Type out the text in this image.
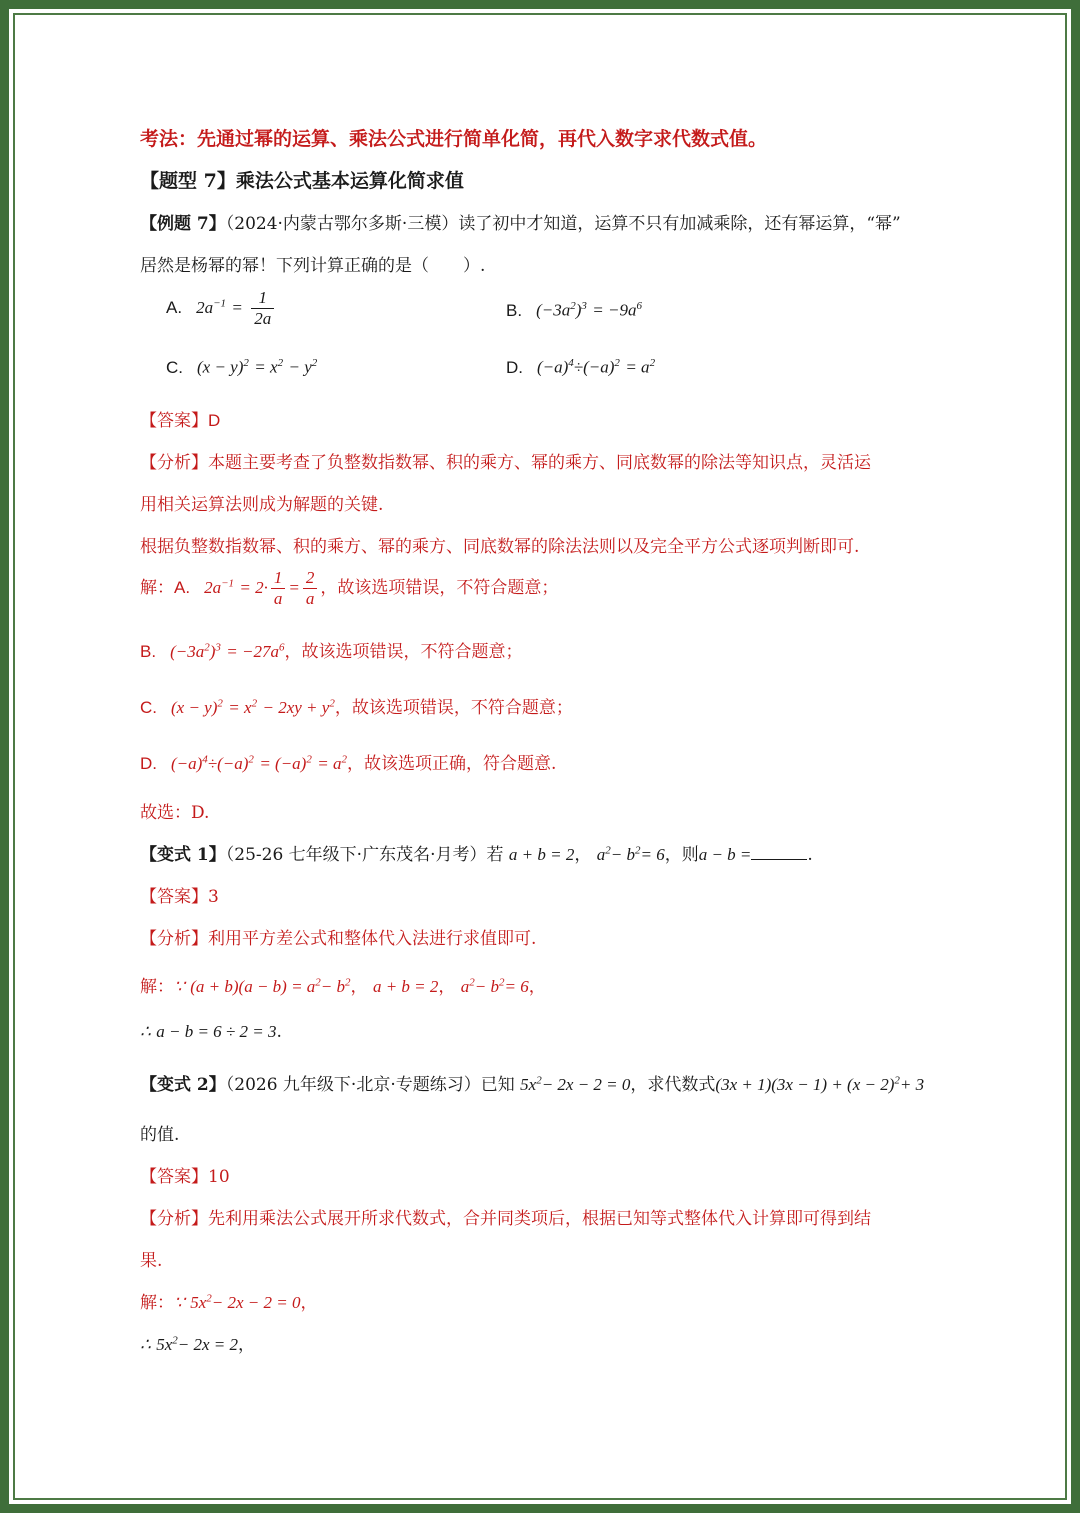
考法：先通过幂的运算、乘法公式进行简单化简，再代入数字求代数式值。
【题型 7】乘法公式基本运算化简求值
【例题 7】（2024·内蒙古鄂尔多斯·三模）读了初中才知道，运算不只有加减乘除，还有幂运算，“幂”
居然是杨幂的幂！下列计算正确的是（　　）.
A. $2a^{-1} = \frac{1}{2a}$	B. $(-3a^2)^3 = -9a^6$
C. $(x - y)^2 = x^2 - y^2$	D. $(-a)^4\div(-a)^2 = a^2$
【答案】D
【分析】本题主要考查了负整数指数幂、积的乘方、幂的乘方、同底数幂的除法等知识点，灵活运
用相关运算法则成为解题的关键.
根据负整数指数幂、积的乘方、幂的乘方、同底数幂的除法法则以及完全平方公式逐项判断即可.
解：A. $2a^{-1} = 2\cdot \frac{1}{a} = \frac{2}{a}$ ，故该选项错误，不符合题意；
B. $(-3a^2)^3 = -27a^6$，故该选项错误，不符合题意；
C. $(x - y)^2 = x^2 - 2xy + y^2$，故该选项错误，不符合题意；
D. $(-a)^4\div(-a)^2 = (-a)^2 = a^2$，故该选项正确，符合题意.
故选：D.
【变式 1】（25-26 七年级下·广东茂名·月考）若 a + b = 2， $a^2- b^2= 6$，则a − b =	.
【答案】3
【分析】利用平方差公式和整体代入法进行求值即可.
解：∵ $(a + b)(a - b) = a^2- b^2$， a + b = 2， $a^2- b^2= 6$，
∴ a − b = 6 ÷ 2 = 3.
【变式 2】（2026 九年级下·北京·专题练习）已知 $5x^2- 2x - 2 = 0$，求代数式$(3x + 1)(3x - 1) + (x - 2)^2+ 3$
的值.
【答案】10
【分析】先利用乘法公式展开所求代数式，合并同类项后，根据已知等式整体代入计算即可得到结
果.
解：∵ $5x^2- 2x - 2 = 0$，
∴ $5x^2- 2x = 2$，
